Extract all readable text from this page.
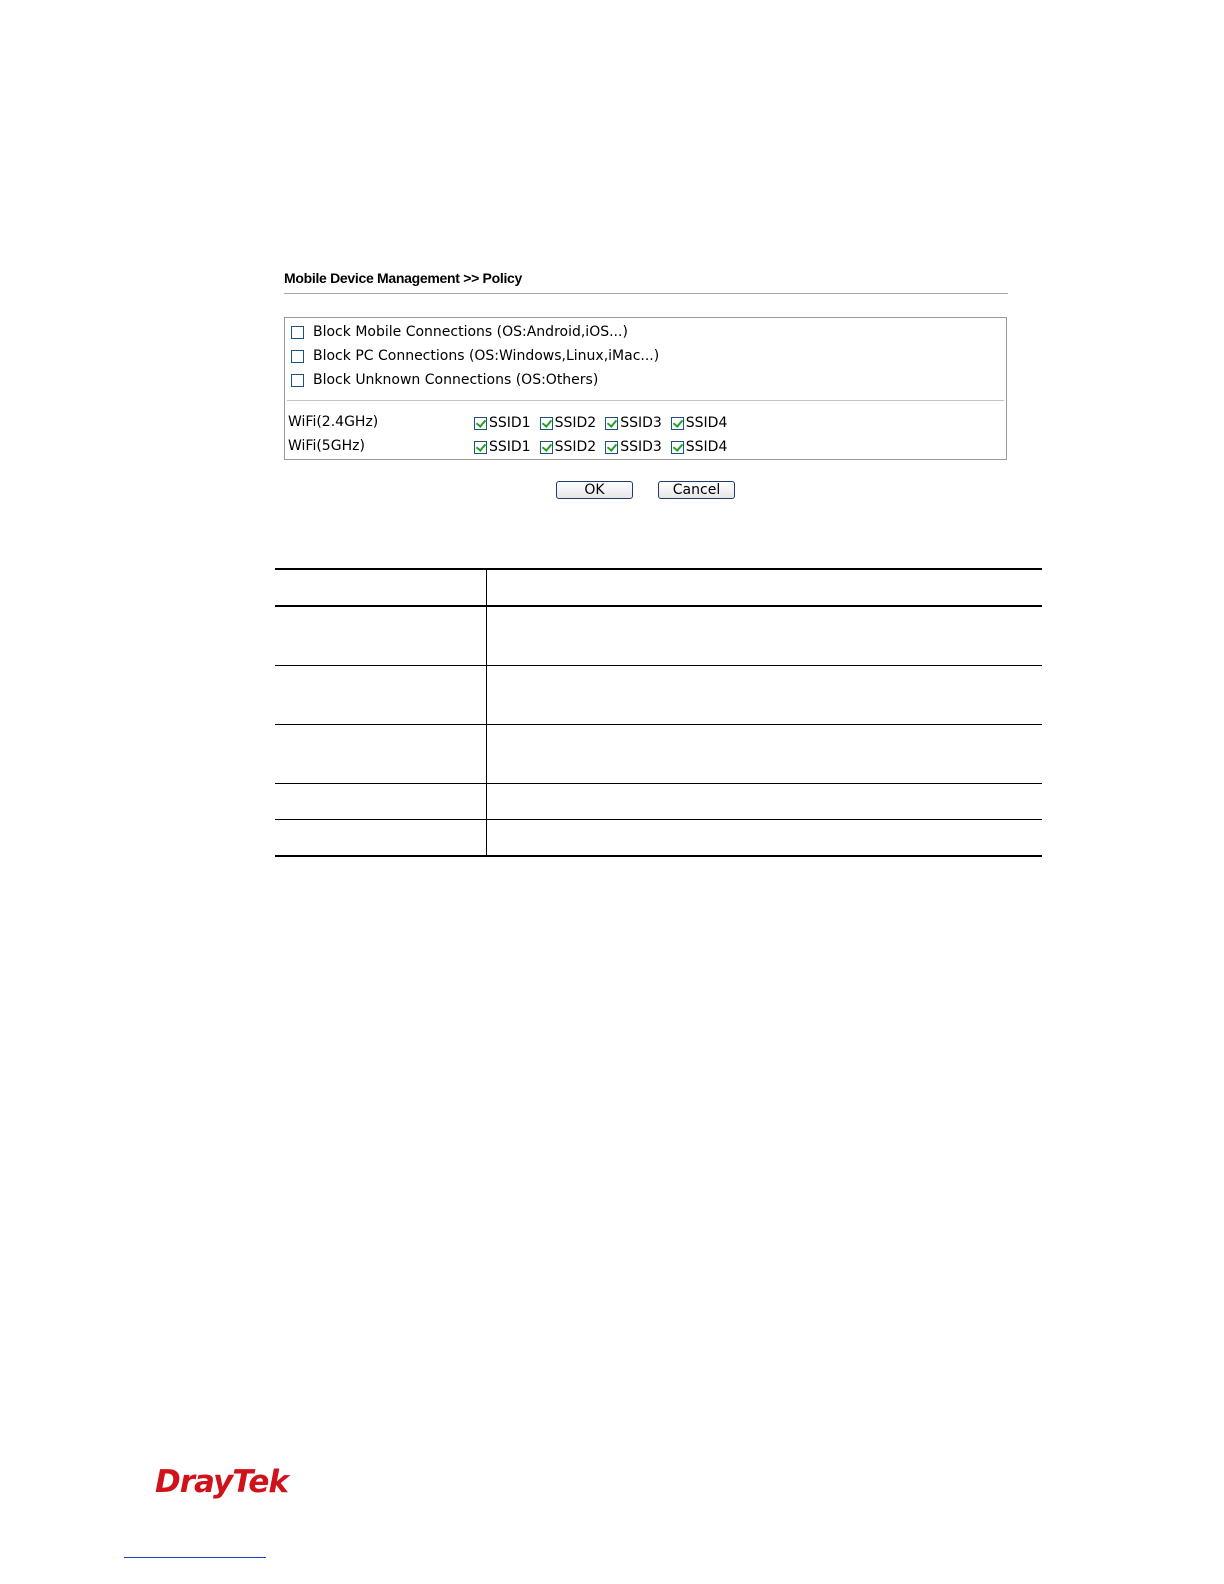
Mobile Device Management >> Policy
Block Mobile Connections (OS:Android,iOS...)
Block PC Connections (OS:Windows,Linux,iMac...)
Block Unknown Connections (OS:Others)
WiFi(2.4GHz)	SSID1 SSID2 SSID3 SSID4
WiFi(5GHz)	SSID1 SSID2 SSID3 SSID4
OK	Cancel

DrayTek
